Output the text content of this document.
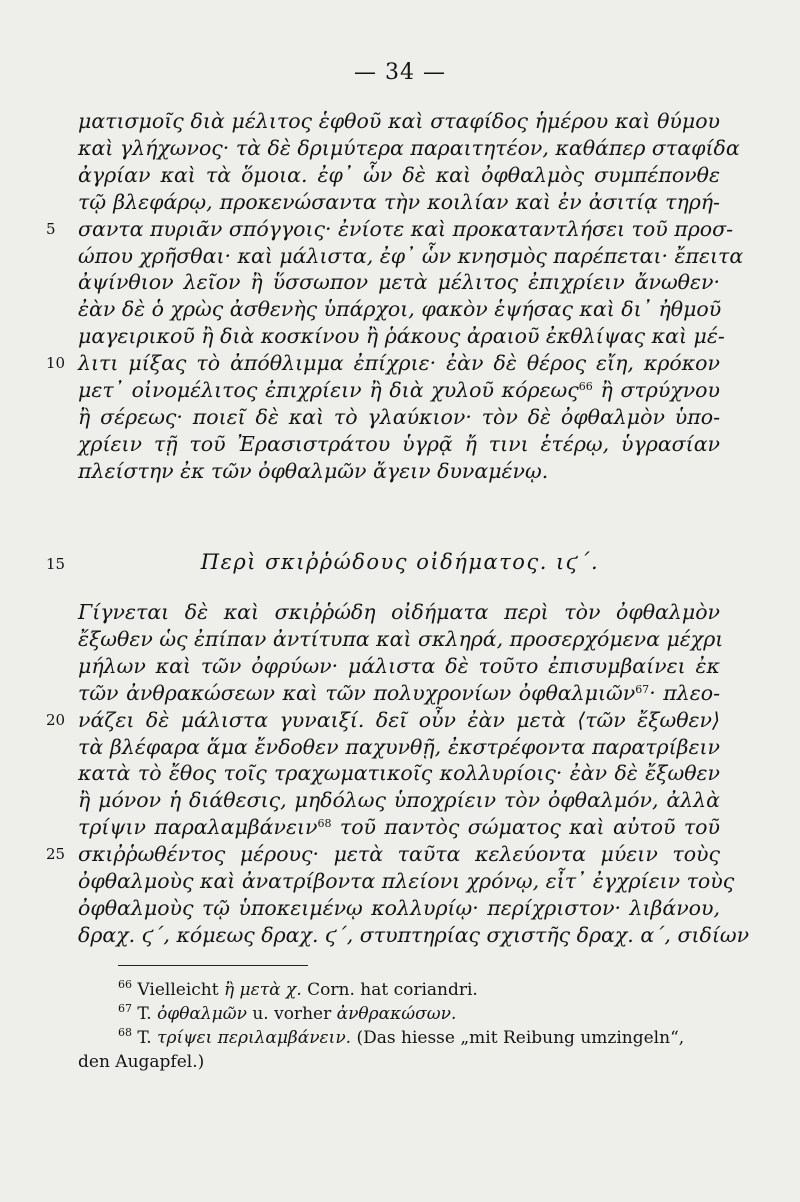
— 34 —
ματισμοῖς διὰ μέλιτος ἑφθοῦ καὶ σταφίδος ἡμέρου καὶ θύμου
καὶ γλήχωνος· τὰ δὲ δριμύτερα παραιτητέον, καθάπερ σταφίδα
ἀγρίαν καὶ τὰ ὅμοια. ἐφ᾽ ὧν δὲ καὶ ὀφθαλμὸς συμπέπονθε
τῷ βλεφάρῳ, προκενώσαντα τὴν κοιλίαν καὶ ἐν ἀσιτίᾳ τηρή-
σαντα πυριᾶν σπόγγοις· ἐνίοτε καὶ προκαταντλήσει τοῦ προσ-
5
ώπου χρῆσθαι· καὶ μάλιστα, ἐφ᾽ ὧν κνησμὸς παρέπεται· ἔπειτα
ἀψίνθιον λεῖον ἢ ὕσσωπον μετὰ μέλιτος ἐπιχρίειν ἄνωθεν·
ἐὰν δὲ ὁ χρὼς ἀσθενὴς ὑπάρχοι, φακὸν ἑψήσας καὶ δι᾽ ἠθμοῦ
μαγειρικοῦ ἢ διὰ κοσκίνου ἢ ῥάκους ἀραιοῦ ἐκθλίψας καὶ μέ-
λιτι μίξας τὸ ἀπόθλιμμα ἐπίχριε· ἐὰν δὲ θέρος εἴη, κρόκον
10
μετ᾽ οἰνομέλιτος ἐπιχρίειν ἢ διὰ χυλοῦ κόρεως$^{66}$ ἢ στρύχνου
ἢ σέρεως· ποιεῖ δὲ καὶ τὸ γλαύκιον· τὸν δὲ ὀφθαλμὸν ὑπο-
χρίειν τῇ τοῦ Ἐρασιστράτου ὑγρᾷ ἤ τινι ἑτέρῳ, ὑγρασίαν
πλείστην ἐκ τῶν ὀφθαλμῶν ἄγειν δυναμένῳ.
Περὶ σκιῤῥώδους οἰδήματος. ιϛ΄.
15
Γίγνεται δὲ καὶ σκιῤῥώδη οἰδήματα περὶ τὸν ὀφθαλμὸν
ἔξωθεν ὡς ἐπίπαν ἀντίτυπα καὶ σκληρά, προσερχόμενα μέχρι
μήλων καὶ τῶν ὀφρύων· μάλιστα δὲ τοῦτο ἐπισυμβαίνει ἐκ
τῶν ἀνθρακώσεων καὶ τῶν πολυχρονίων ὀφθαλμιῶν$^{67}$· πλεο-
νάζει δὲ μάλιστα γυναιξί. δεῖ οὖν ἐὰν μετὰ ⟨τῶν ἔξωθεν⟩
20
τὰ βλέφαρα ἅμα ἔνδοθεν παχυνθῇ, ἐκστρέφοντα παρατρίβειν
κατὰ τὸ ἔθος τοῖς τραχωματικοῖς κολλυρίοις· ἐὰν δὲ ἔξωθεν
ἢ μόνον ἡ διάθεσις, μηδόλως ὑποχρίειν τὸν ὀφθαλμόν, ἀλλὰ
τρίψιν παραλαμβάνειν$^{68}$ τοῦ παντὸς σώματος καὶ αὐτοῦ τοῦ
σκιῤῥωθέντος μέρους· μετὰ ταῦτα κελεύοντα μύειν τοὺς
25
ὀφθαλμοὺς καὶ ἀνατρίβοντα πλείονι χρόνῳ, εἶτ᾽ ἐγχρίειν τοὺς
ὀφθαλμοὺς τῷ ὑποκειμένῳ κολλυρίῳ· περίχριστον· λιβάνου,
δραχ. ϛ΄, κόμεως δραχ. ϛ΄, στυπτηρίας σχιστῆς δραχ. α΄, σιδίων
$^{66}$ Vielleicht ἢ μετὰ χ. Corn. hat coriandri.
$^{67}$ T. ὀφθαλμῶν u. vorher ἀνθρακώσων.
$^{68}$ T. τρίψει περιλαμβάνειν. (Das hiesse „mit Reibung umzingeln“,
den Augapfel.)
